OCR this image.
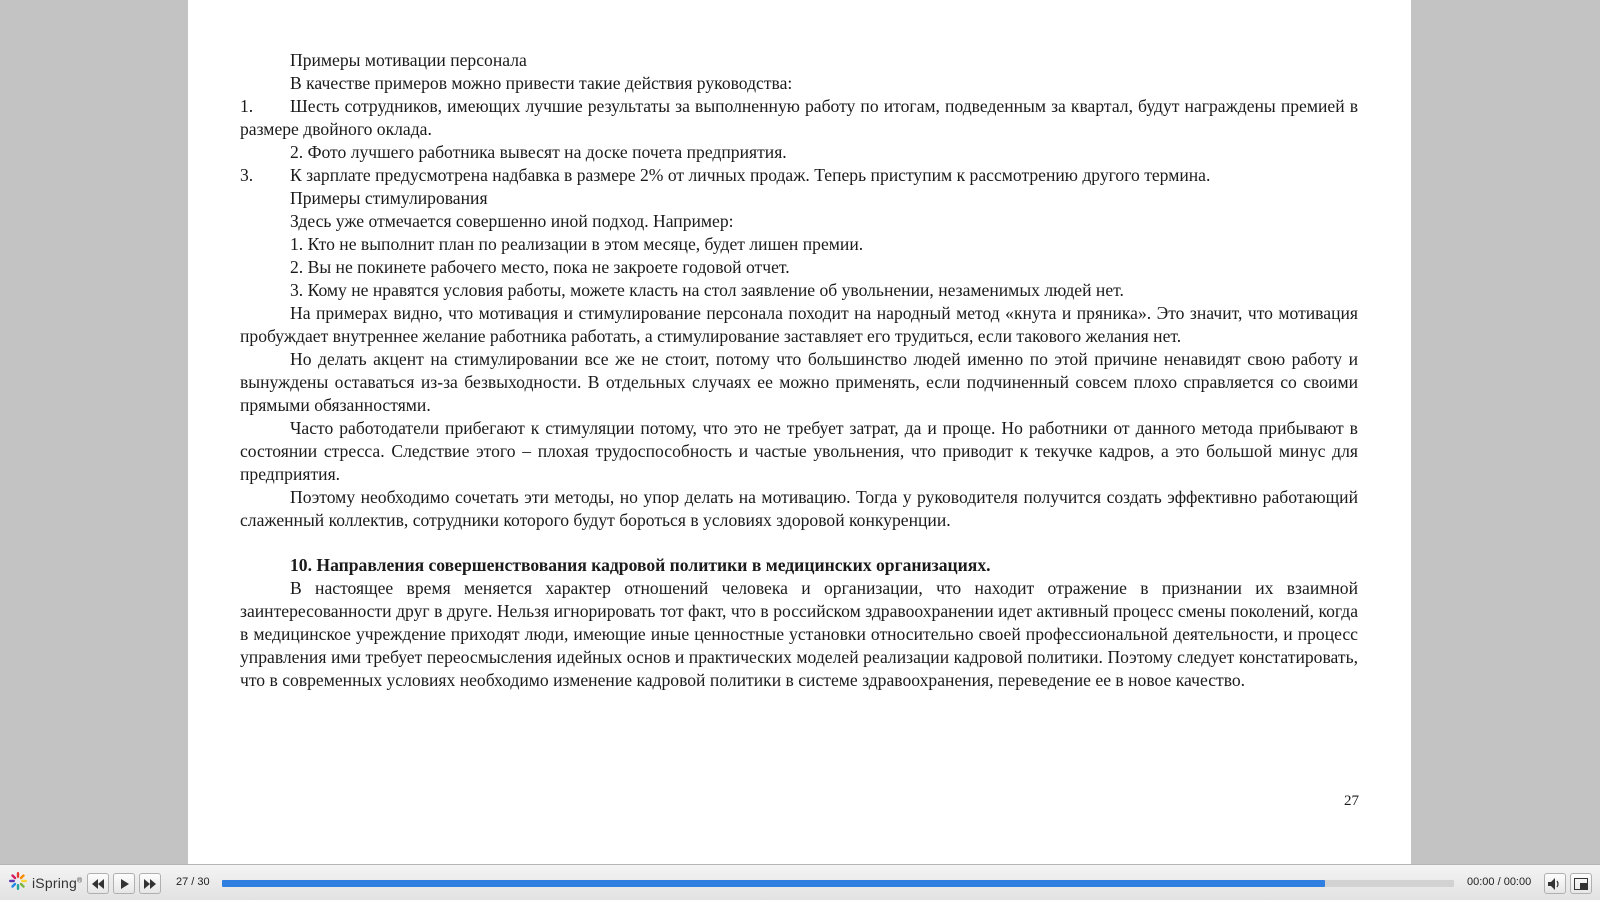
Примеры мотивации персонала

В качестве примеров можно привести такие действия руководства:

1. Шесть сотрудников, имеющих лучшие результаты за выполненную работу по итогам, подведенным за квартал, будут награждены премией в размере двойного оклада.

2. Фото лучшего работника вывесят на доске почета предприятия.

3. К зарплате предусмотрена надбавка в размере 2% от личных продаж. Теперь приступим к рассмотрению другого термина.

Примеры стимулирования

Здесь уже отмечается совершенно иной подход. Например:

1. Кто не выполнит план по реализации в этом месяце, будет лишен премии.

2. Вы не покинете рабочего место, пока не закроете годовой отчет.

3. Кому не нравятся условия работы, можете класть на стол заявление об увольнении, незаменимых людей нет.

На примерах видно, что мотивация и стимулирование персонала походит на народный метод «кнута и пряника». Это значит, что мотивация пробуждает внутреннее желание работника работать, а стимулирование заставляет его трудиться, если такового желания нет.

Но делать акцент на стимулировании все же не стоит, потому что большинство людей именно по этой причине ненавидят свою работу и вынуждены оставаться из-за безвыходности. В отдельных случаях ее можно применять, если подчиненный совсем плохо справляется со своими прямыми обязанностями.

Часто работодатели прибегают к стимуляции потому, что это не требует затрат, да и проще. Но работники от данного метода прибывают в состоянии стресса. Следствие этого – плохая трудоспособность и частые увольнения, что приводит к текучке кадров, а это большой минус для предприятия.

Поэтому необходимо сочетать эти методы, но упор делать на мотивацию. Тогда у руководителя получится создать эффективно работающий слаженный коллектив, сотрудники которого будут бороться в условиях здоровой конкуренции.

10. Направления совершенствования кадровой политики в медицинских организациях.

В настоящее время меняется характер отношений человека и организации, что находит отражение в признании их взаимной заинтересованности друг в друге. Нельзя игнорировать тот факт, что в российском здравоохранении идет активный процесс смены поколений, когда в медицинское учреждение приходят люди, имеющие иные ценностные установки относительно своей профессиональной деятельности, и процесс управления ими требует переосмысления идейных основ и практических моделей реализации кадровой политики. Поэтому следует констатировать, что в современных условиях необходимо изменение кадровой политики в системе здравоохранения, переведение ее в новое качество.

27
iSpring®	27 / 30	00:00 / 00:00
